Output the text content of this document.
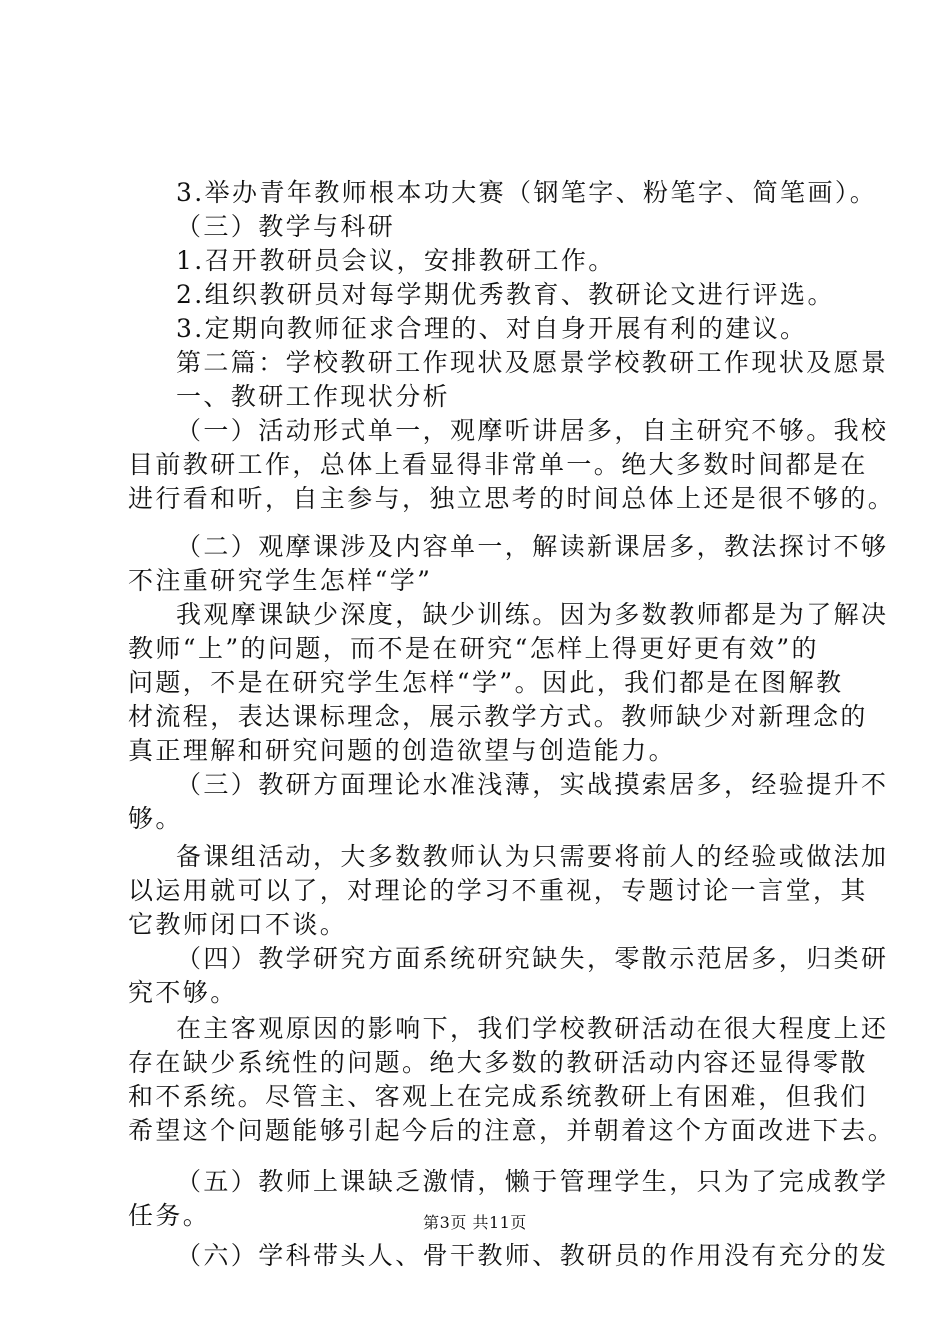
3.举办青年教师根本功大赛（钢笔字、粉笔字、简笔画）。
（三）教学与科研
1.召开教研员会议，安排教研工作。
2.组织教研员对每学期优秀教育、教研论文进行评选。
3.定期向教师征求合理的、对自身开展有利的建议。
第二篇：学校教研工作现状及愿景学校教研工作现状及愿景
一、教研工作现状分析
（一）活动形式单一，观摩听讲居多，自主研究不够。我校
目前教研工作，总体上看显得非常单一。绝大多数时间都是在
进行看和听，自主参与，独立思考的时间总体上还是很不够的。
（二）观摩课涉及内容单一，解读新课居多，教法探讨不够
不注重研究学生怎样“学”
我观摩课缺少深度，缺少训练。因为多数教师都是为了解决
教师“上”的问题，而不是在研究“怎样上得更好更有效”的
问题，不是在研究学生怎样“学”。因此，我们都是在图解教
材流程，表达课标理念，展示教学方式。教师缺少对新理念的
真正理解和研究问题的创造欲望与创造能力。
（三）教研方面理论水准浅薄，实战摸索居多，经验提升不
够。
备课组活动，大多数教师认为只需要将前人的经验或做法加
以运用就可以了，对理论的学习不重视，专题讨论一言堂，其
它教师闭口不谈。
（四）教学研究方面系统研究缺失，零散示范居多，归类研
究不够。
在主客观原因的影响下，我们学校教研活动在很大程度上还
存在缺少系统性的问题。绝大多数的教研活动内容还显得零散
和不系统。尽管主、客观上在完成系统教研上有困难，但我们
希望这个问题能够引起今后的注意，并朝着这个方面改进下去。
（五）教师上课缺乏激情，懒于管理学生，只为了完成教学
任务。
（六）学科带头人、骨干教师、教研员的作用没有充分的发
第3页 共11页
